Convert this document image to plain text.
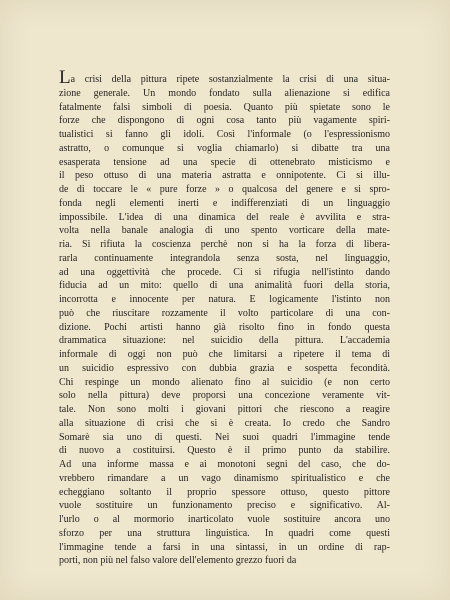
La crisi della pittura ripete sostanzialmente la crisi di una situa-
zione generale. Un mondo fondato sulla alienazione si edifica
fatalmente falsi simboli di poesia. Quanto più spietate sono le
forze che dispongono di ogni cosa tanto più vagamente spiri-
tualistici si fanno gli idoli. Così l'informale (o l'espressionismo
astratto, o comunque si voglia chiamarlo) si dibatte tra una
esasperata tensione ad una specie di ottenebrato misticismo e
il peso ottuso di una materia astratta e onnipotente. Ci si illu-
de di toccare le « pure forze » o qualcosa del genere e si spro-
fonda negli elementi inerti e indifferenziati di un linguaggio
impossibile. L'idea di una dinamica del reale è avvilita e stra-
volta nella banale analogia di uno spento vorticare della mate-
ria. Si rifiuta la coscienza perchè non si ha la forza di libera-
rarla continuamente integrandola senza sosta, nel linguaggio,
ad una oggettività che procede. Ci si rifugia nell'istinto dando
fiducia ad un mito: quello di una animalità fuori della storia,
incorrotta e innocente per natura. E logicamente l'istinto non
può che riuscitare rozzamente il volto particolare di una con-
dizione. Pochi artisti hanno già risolto fino in fondo questa
drammatica situazione: nel suicidio della pittura. L'accademia
informale di oggi non può che limitarsi a ripetere il tema di
un suicidio espressivo con dubbia grazia e sospetta fecondità.
Chi respinge un mondo alienato fino al suicidio (e non certo
solo nella pittura) deve proporsi una concezione veramente vit-
tale. Non sono molti i giovani pittori che riescono a reagire
alla situazione di crisi che si è creata. Io credo che Sandro
Somarè sia uno di questi. Nei suoi quadri l'immagine tende
di nuovo a costituirsi. Questo è il primo punto da stabilire.
Ad una informe massa e ai monotoni segni del caso, che do-
vrebbero rimandare a un vago dinamismo spiritualistico e che
echeggiano soltanto il proprio spessore ottuso, questo pittore
vuole sostituire un funzionamento preciso e significativo. Al-
l'urlo o al mormorio inarticolato vuole sostituire ancora uno
sforzo per una struttura linguistica. In quadri come questi
l'immagine tende a farsi in una sintassi, in un ordine di rap-
porti, non più nel falso valore dell'elemento grezzo fuori da
